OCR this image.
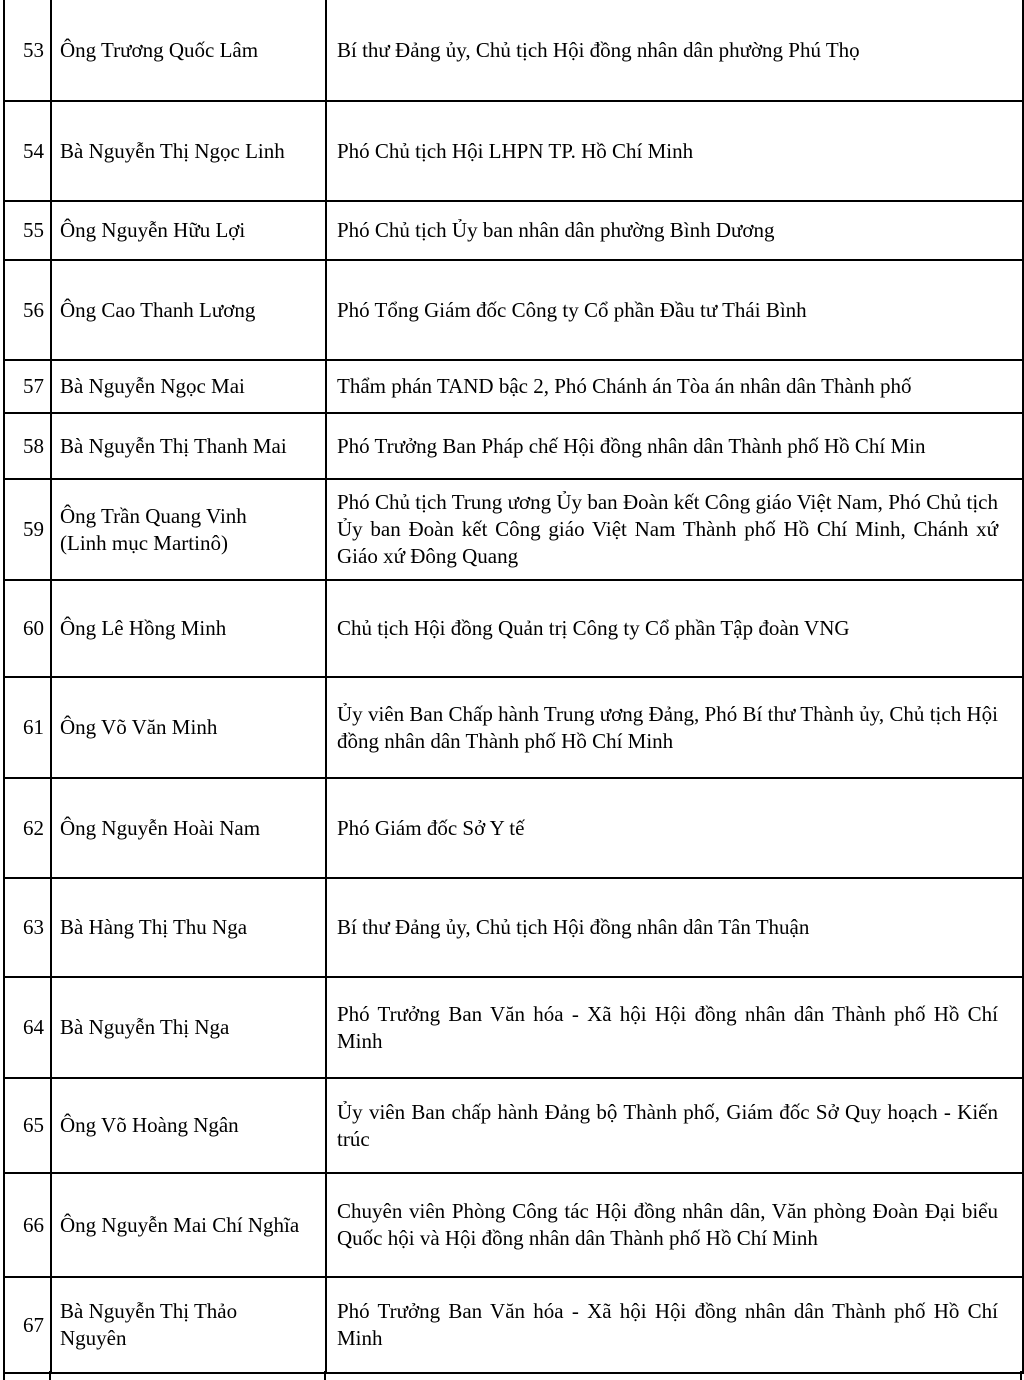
53	Ông Trương Quốc Lâm	Bí thư Đảng ủy, Chủ tịch Hội đồng nhân dân phường Phú Thọ
54	Bà Nguyễn Thị Ngọc Linh	Phó Chủ tịch Hội LHPN TP. Hồ Chí Minh
55	Ông Nguyễn Hữu Lợi	Phó Chủ tịch Ủy ban nhân dân phường Bình Dương
56	Ông Cao Thanh Lương	Phó Tổng Giám đốc Công ty Cổ phần Đầu tư Thái Bình
57	Bà Nguyễn Ngọc Mai	Thẩm phán TAND bậc 2, Phó Chánh án Tòa án nhân dân Thành phố
58	Bà Nguyễn Thị Thanh Mai	Phó Trưởng Ban Pháp chế Hội đồng nhân dân Thành phố Hồ Chí Min
59	Ông Trần Quang Vinh (Linh mục Martinô)	Phó Chủ tịch Trung ương Ủy ban Đoàn kết Công giáo Việt Nam, Phó Chủ tịch Ủy ban Đoàn kết Công giáo Việt Nam Thành phố Hồ Chí Minh, Chánh xứ Giáo xứ Đông Quang
60	Ông Lê Hồng Minh	Chủ tịch Hội đồng Quản trị Công ty Cổ phần Tập đoàn VNG
61	Ông Võ Văn Minh	Ủy viên Ban Chấp hành Trung ương Đảng, Phó Bí thư Thành ủy, Chủ tịch Hội đồng nhân dân Thành phố Hồ Chí Minh
62	Ông Nguyễn Hoài Nam	Phó Giám đốc Sở Y tế
63	Bà Hàng Thị Thu Nga	Bí thư Đảng ủy, Chủ tịch Hội đồng nhân dân Tân Thuận
64	Bà Nguyễn Thị Nga	Phó Trưởng Ban Văn hóa - Xã hội Hội đồng nhân dân Thành phố Hồ Chí Minh
65	Ông Võ Hoàng Ngân	Ủy viên Ban chấp hành Đảng bộ Thành phố, Giám đốc Sở Quy hoạch - Kiến trúc
66	Ông Nguyễn Mai Chí Nghĩa	Chuyên viên Phòng Công tác Hội đồng nhân dân, Văn phòng Đoàn Đại biểu Quốc hội và Hội đồng nhân dân Thành phố Hồ Chí Minh
67	Bà Nguyễn Thị Thảo Nguyên	Phó Trưởng Ban Văn hóa - Xã hội Hội đồng nhân dân Thành phố Hồ Chí Minh
